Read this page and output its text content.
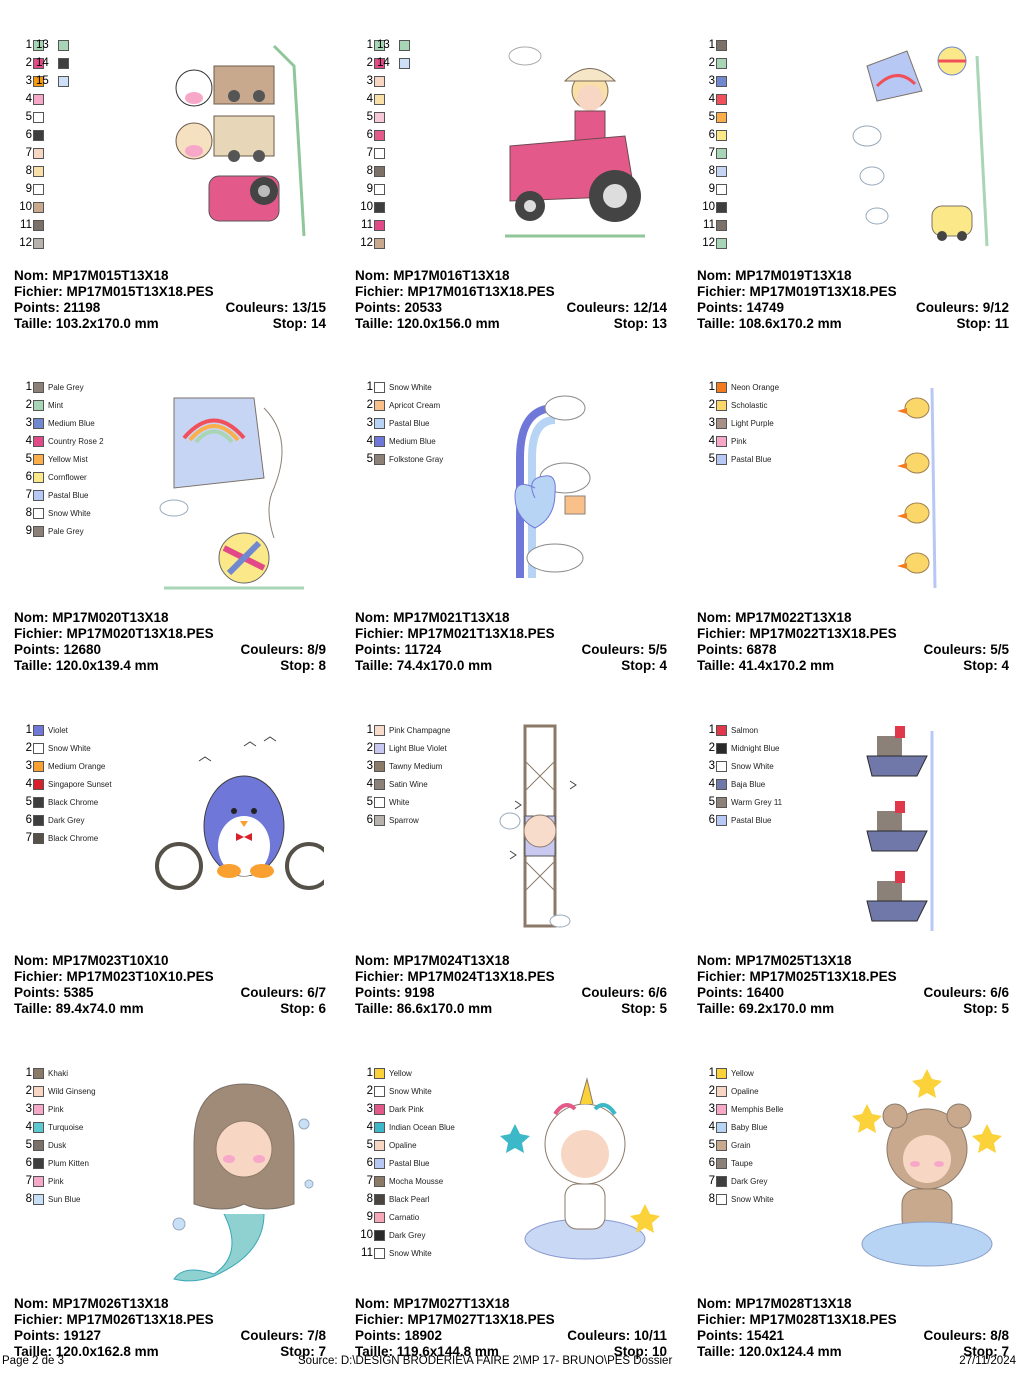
1
2
3
4
5
6
7
8
9
10
11
12
13
14
15
Nom: MP17M015T13X18
Fichier: MP17M015T13X18.PES
Points: 21198	Couleurs: 13/15
Taille: 103.2x170.0 mm	Stop: 14
1
2
3
4
5
6
7
8
9
10
11
12
13
14
Nom: MP17M016T13X18
Fichier: MP17M016T13X18.PES
Points: 20533	Couleurs: 12/14
Taille: 120.0x156.0 mm	Stop: 13
1
2
3
4
5
6
7
8
9
10
11
12
Nom: MP17M019T13X18
Fichier: MP17M019T13X18.PES
Points: 14749	Couleurs: 9/12
Taille: 108.6x170.2 mm	Stop: 11
1 Pale Grey
2 Mint
3 Medium Blue
4 Country Rose 2
5 Yellow Mist
6 Cornflower
7 Pastal Blue
8 Snow White
9 Pale Grey
Nom: MP17M020T13X18
Fichier: MP17M020T13X18.PES
Points: 12680	Couleurs: 8/9
Taille: 120.0x139.4 mm	Stop: 8
1 Snow White
2 Apricot Cream
3 Pastal Blue
4 Medium Blue
5 Folkstone Gray
Nom: MP17M021T13X18
Fichier: MP17M021T13X18.PES
Points: 11724	Couleurs: 5/5
Taille: 74.4x170.0 mm	Stop: 4
1 Neon Orange
2 Scholastic
3 Light Purple
4 Pink
5 Pastal Blue
Nom: MP17M022T13X18
Fichier: MP17M022T13X18.PES
Points: 6878	Couleurs: 5/5
Taille: 41.4x170.2 mm	Stop: 4
1 Violet
2 Snow White
3 Medium Orange
4 Singapore Sunset
5 Black Chrome
6 Dark Grey
7 Black Chrome
Nom: MP17M023T10X10
Fichier: MP17M023T10X10.PES
Points: 5385	Couleurs: 6/7
Taille: 89.4x74.0 mm	Stop: 6
1 Pink Champagne
2 Light Blue Violet
3 Tawny Medium
4 Satin Wine
5 White
6 Sparrow
Nom: MP17M024T13X18
Fichier: MP17M024T13X18.PES
Points: 9198	Couleurs: 6/6
Taille: 86.6x170.0 mm	Stop: 5
1 Salmon
2 Midnight Blue
3 Snow White
4 Baja Blue
5 Warm Grey 11
6 Pastal Blue
Nom: MP17M025T13X18
Fichier: MP17M025T13X18.PES
Points: 16400	Couleurs: 6/6
Taille: 69.2x170.0 mm	Stop: 5
1 Khaki
2 Wild Ginseng
3 Pink
4 Turquoise
5 Dusk
6 Plum Kitten
7 Pink
8 Sun Blue
Nom: MP17M026T13X18
Fichier: MP17M026T13X18.PES
Points: 19127	Couleurs: 7/8
Taille: 120.0x162.8 mm	Stop: 7
1 Yellow
2 Snow White
3 Dark Pink
4 Indian Ocean Blue
5 Opaline
6 Pastal Blue
7 Mocha Mousse
8 Black Pearl
9 Carnatio
10 Dark Grey
11 Snow White
Nom: MP17M027T13X18
Fichier: MP17M027T13X18.PES
Points: 18902	Couleurs: 10/11
Taille: 119.6x144.8 mm	Stop: 10
1 Yellow
2 Opaline
3 Memphis Belle
4 Baby Blue
5 Grain
6 Taupe
7 Dark Grey
8 Snow White
Nom: MP17M028T13X18
Fichier: MP17M028T13X18.PES
Points: 15421	Couleurs: 8/8
Taille: 120.0x124.4 mm	Stop: 7
Page 2 de 3	Source: D:\DESIGN BRODERIE\A FAIRE 2\MP 17- BRUNO\PES Dossier	27/11/2024
